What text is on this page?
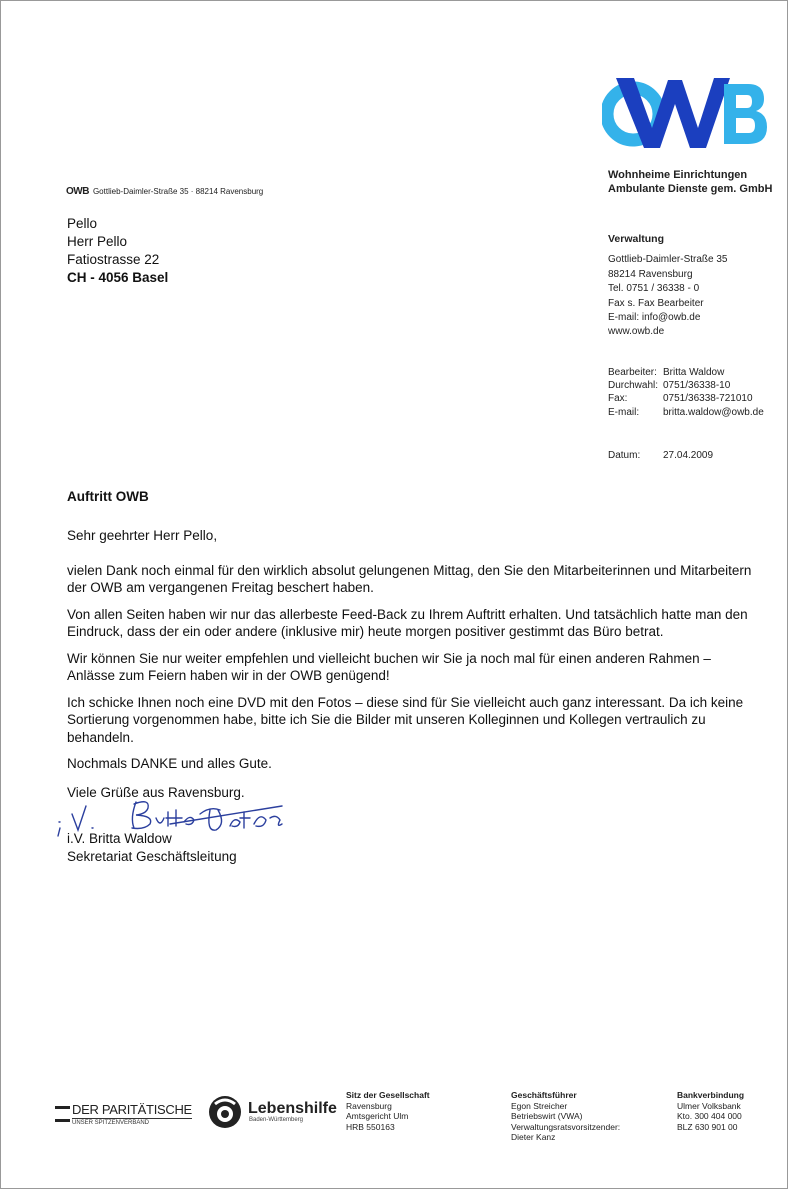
Wohnheime Einrichtungen
Ambulante Dienste gem. GmbH
OWB Gottlieb-Daimler-Straße 35 · 88214 Ravensburg
Pello
Herr Pello
Fatiostrasse 22
CH - 4056 Basel
Verwaltung
Gottlieb-Daimler-Straße 35
88214 Ravensburg
Tel. 0751 / 36338 - 0
Fax s. Fax Bearbeiter
E-mail: info@owb.de
www.owb.de
Bearbeiter: Britta Waldow
Durchwahl: 0751/36338-10
Fax:	0751/36338-721010
E-mail:	britta.waldow@owb.de
Datum:	27.04.2009
Auftritt OWB

Sehr geehrter Herr Pello,

vielen Dank noch einmal für den wirklich absolut gelungenen Mittag, den Sie den Mitarbeiterinnen und Mitarbeitern der OWB am vergangenen Freitag beschert haben.

Von allen Seiten haben wir nur das allerbeste Feed-Back zu Ihrem Auftritt erhalten. Und tatsächlich hatte man den Eindruck, dass der ein oder andere (inklusive mir) heute morgen positiver gestimmt das Büro betrat.

Wir können Sie nur weiter empfehlen und vielleicht buchen wir Sie ja noch mal für einen anderen Rahmen – Anlässe zum Feiern haben wir in der OWB genügend!

Ich schicke Ihnen noch eine DVD mit den Fotos – diese sind für Sie vielleicht auch ganz interessant. Da ich keine Sortierung vorgenommen habe, bitte ich Sie die Bilder mit unseren Kolleginnen und Kollegen vertraulich zu behandeln.

Nochmals DANKE und alles Gute.

Viele Grüße aus Ravensburg.

i.V. Britta Waldow
Sekretariat Geschäftsleitung
DER PARITÄTISCHE
UNSER SPITZENVERBAND
Lebenshilfe
Baden-Württemberg
Sitz der Gesellschaft
Ravensburg
Amtsgericht Ulm
HRB 550163
Geschäftsführer
Egon Streicher
Betriebswirt (VWA)
Verwaltungsratsvorsitzender:
Dieter Kanz
Bankverbindung
Ulmer Volksbank
Kto. 300 404 000
BLZ 630 901 00
